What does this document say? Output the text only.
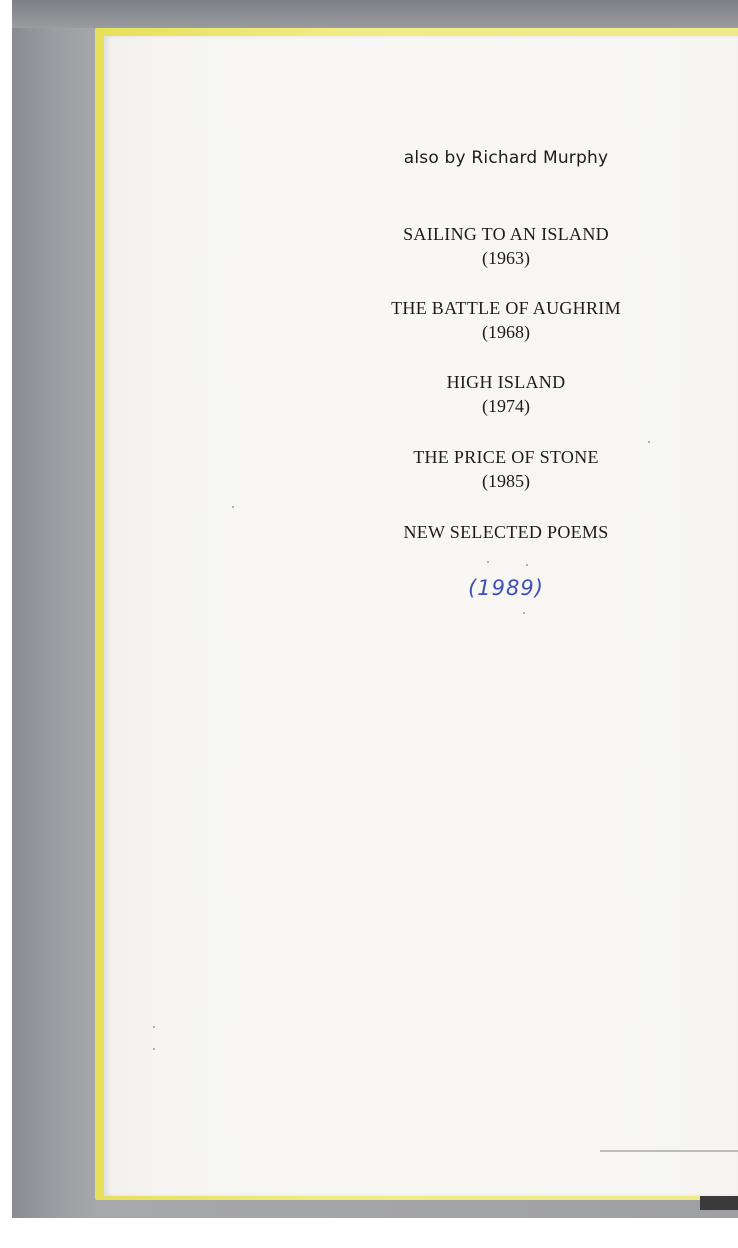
also by Richard Murphy
SAILING TO AN ISLAND
(1963)
THE BATTLE OF AUGHRIM
(1968)
HIGH ISLAND
(1974)
THE PRICE OF STONE
(1985)
NEW SELECTED POEMS
(1989)
